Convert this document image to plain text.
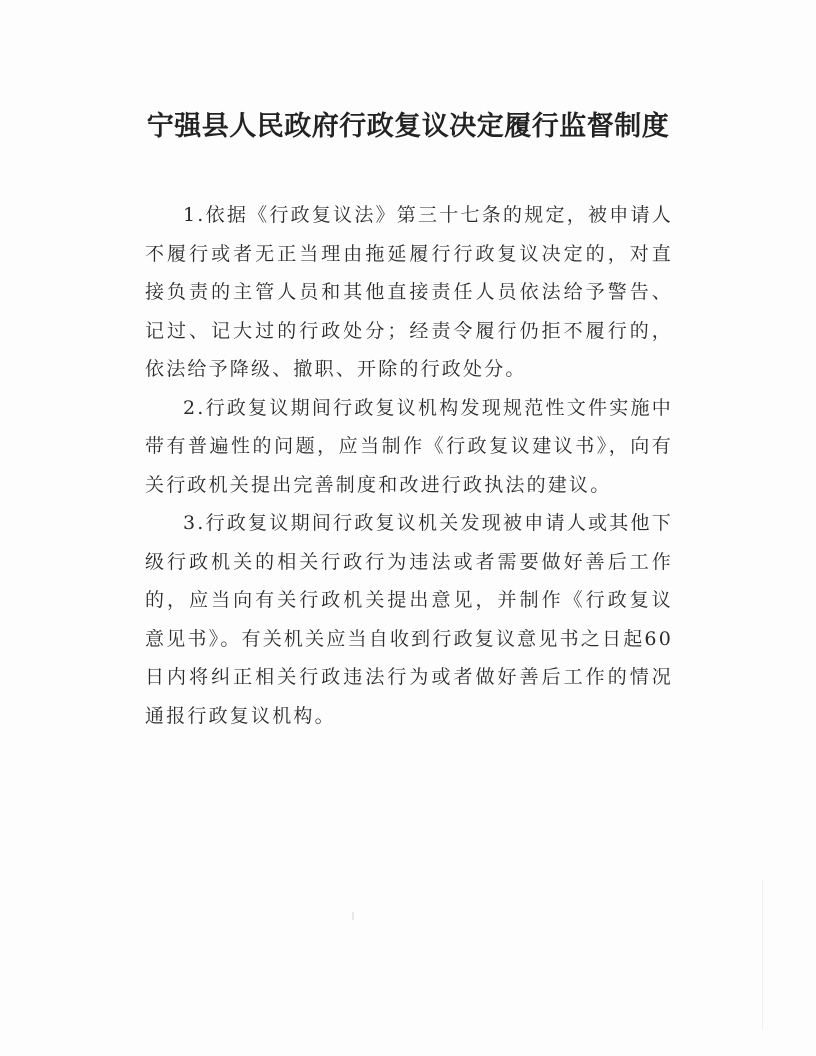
宁强县人民政府行政复议决定履行监督制度

1.依据《行政复议法》第三十七条的规定，被申请人不履行或者无正当理由拖延履行行政复议决定的，对直接负责的主管人员和其他直接责任人员依法给予警告、记过、记大过的行政处分；经责令履行仍拒不履行的，依法给予降级、撤职、开除的行政处分。

2.行政复议期间行政复议机构发现规范性文件实施中带有普遍性的问题，应当制作《行政复议建议书》，向有关行政机关提出完善制度和改进行政执法的建议。

3.行政复议期间行政复议机关发现被申请人或其他下级行政机关的相关行政行为违法或者需要做好善后工作的，应当向有关行政机关提出意见，并制作《行政复议意见书》。有关机关应当自收到行政复议意见书之日起60日内将纠正相关行政违法行为或者做好善后工作的情况通报行政复议机构。
